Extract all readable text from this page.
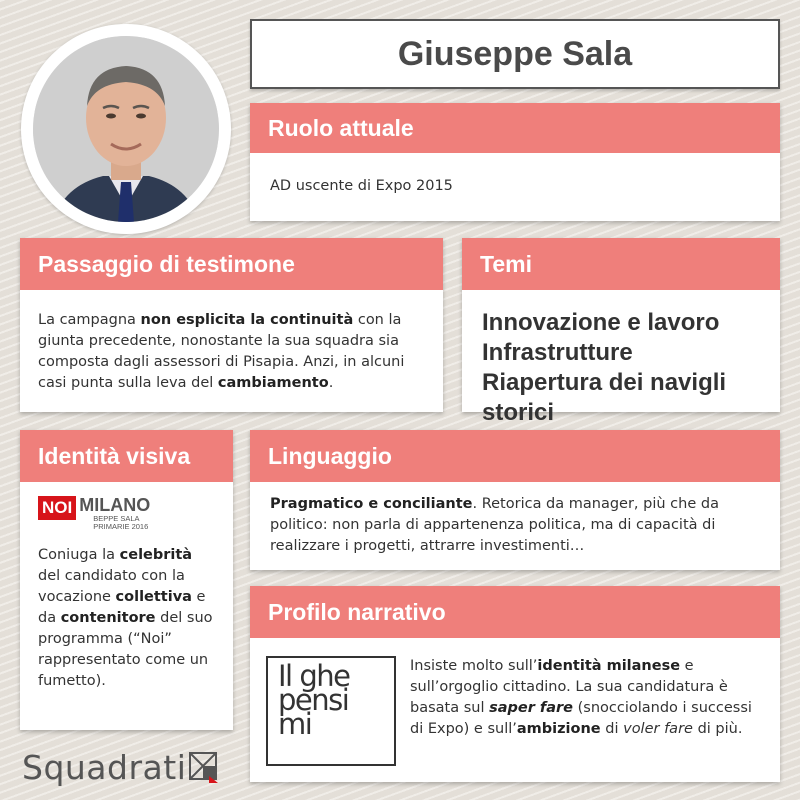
Giuseppe Sala
Ruolo attuale
AD uscente di Expo 2015
Passaggio di testimone
La campagna non esplicita la continuità con la giunta precedente, nonostante la sua squadra sia composta dagli assessori di Pisapia. Anzi, in alcuni casi punta sulla leva del cambiamento.
Temi
Innovazione e lavoro
Infrastrutture
Riapertura dei navigli storici
Identità visiva
NOI MILANO
BEPPE SALA
PRIMARIE 2016
Coniuga la celebrità del candidato con la vocazione collettiva e da contenitore del suo programma (“Noi” rappresentato come un fumetto).
Linguaggio
Pragmatico e conciliante. Retorica da manager, più che da politico: non parla di appartenenza politica, ma di capacità di realizzare i progetti, attrarre investimenti…
Profilo narrativo
Il ghe
pensi
mi
Insiste molto sull’identità milanese e sull’orgoglio cittadino. La sua candidatura è basata sul saper fare (snocciolando i successi di Expo) e sull’ambizione di voler fare di più.
Squadrati
